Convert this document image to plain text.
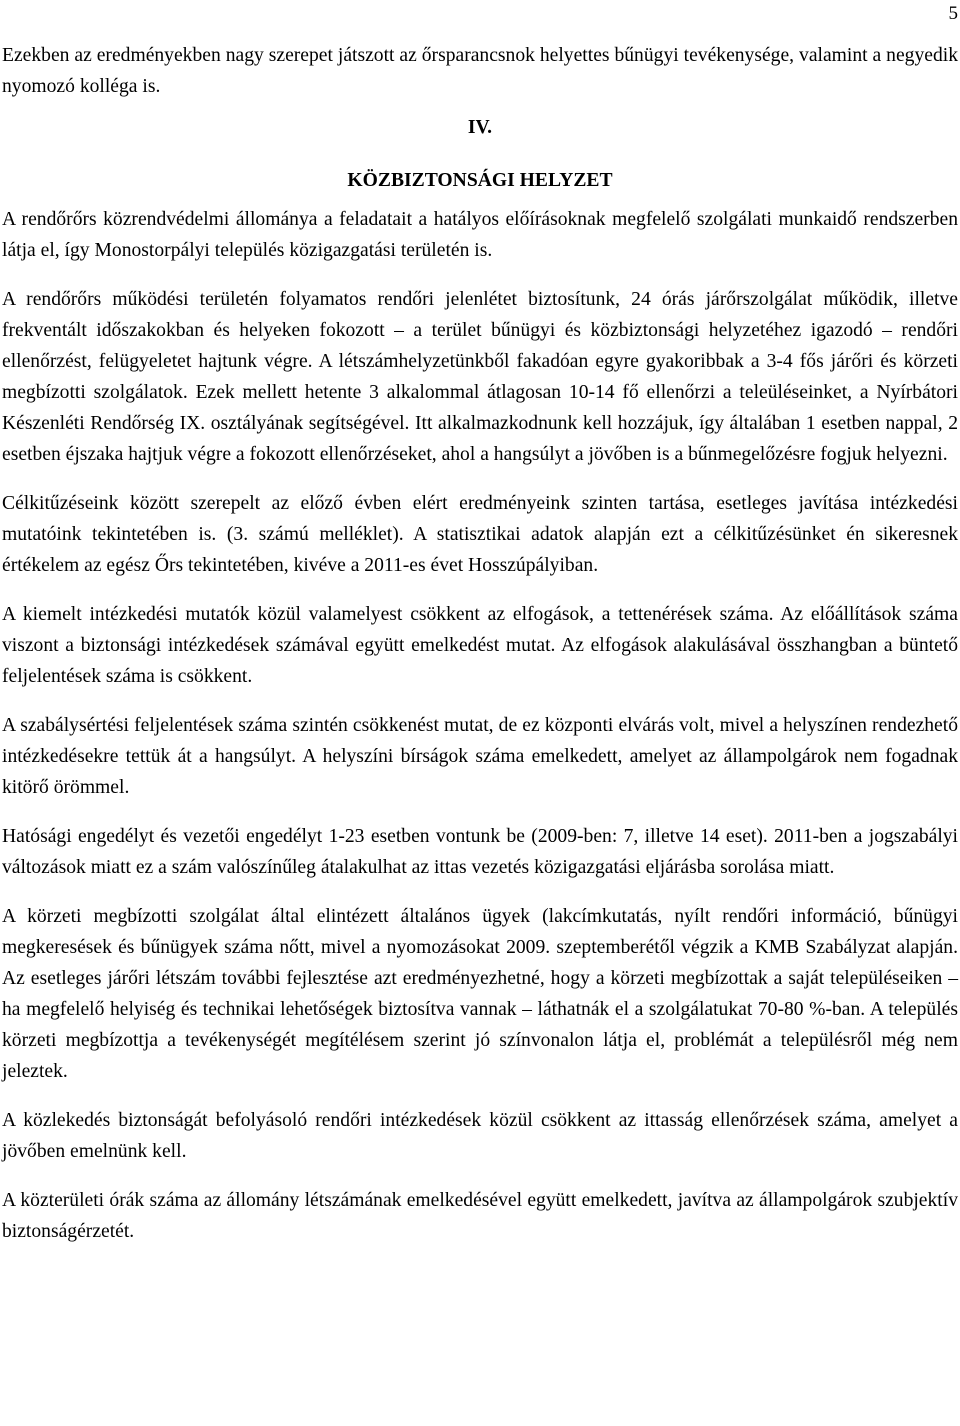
5

Ezekben az eredményekben nagy szerepet játszott az őrsparancsnok helyettes bűnügyi tevékenysége, valamint a negyedik nyomozó kolléga is.

IV.

KÖZBIZTONSÁGI HELYZET

A rendőrőrs közrendvédelmi állománya a feladatait a hatályos előírásoknak megfelelő szolgálati munkaidő rendszerben látja el, így Monostorpályi település közigazgatási területén is.

A rendőrőrs működési területén folyamatos rendőri jelenlétet biztosítunk, 24 órás járőrszolgálat működik, illetve frekventált időszakokban és helyeken fokozott – a terület bűnügyi és közbiztonsági helyzetéhez igazodó – rendőri ellenőrzést, felügyeletet hajtunk végre. A létszámhelyzetünkből fakadóan egyre gyakoribbak a 3-4 fős járőri és körzeti megbízotti szolgálatok. Ezek mellett hetente 3 alkalommal átlagosan 10-14 fő ellenőrzi a teleüléseinket, a Nyírbátori Készenléti Rendőrség IX. osztályának segítségével. Itt alkalmazkodnunk kell hozzájuk, így általában 1 esetben nappal, 2 esetben éjszaka hajtjuk végre a fokozott ellenőrzéseket, ahol a hangsúlyt a jövőben is a bűnmegelőzésre fogjuk helyezni.

Célkitűzéseink között szerepelt az előző évben elért eredményeink szinten tartása, esetleges javítása intézkedési mutatóink tekintetében is. (3. számú melléklet). A statisztikai adatok alapján ezt a célkitűzésünket én sikeresnek értékelem az egész Őrs tekintetében, kivéve a 2011-es évet Hosszúpályiban.

A kiemelt intézkedési mutatók közül valamelyest csökkent az elfogások, a tettenérések száma. Az előállítások száma viszont a biztonsági intézkedések számával együtt emelkedést mutat. Az elfogások alakulásával összhangban a büntető feljelentések száma is csökkent.

A szabálysértési feljelentések száma szintén csökkenést mutat, de ez központi elvárás volt, mivel a helyszínen rendezhető intézkedésekre tettük át a hangsúlyt. A helyszíni bírságok száma emelkedett, amelyet az állampolgárok nem fogadnak kitörő örömmel.

Hatósági engedélyt és vezetői engedélyt 1-23 esetben vontunk be (2009-ben: 7, illetve 14 eset). 2011-ben a jogszabályi változások miatt ez a szám valószínűleg átalakulhat az ittas vezetés közigazgatási eljárásba sorolása miatt.

A körzeti megbízotti szolgálat által elintézett általános ügyek (lakcímkutatás, nyílt rendőri információ, bűnügyi megkeresések és bűnügyek száma nőtt, mivel a nyomozásokat 2009. szeptemberétől végzik a KMB Szabályzat alapján. Az esetleges járőri létszám további fejlesztése azt eredményezhetné, hogy a körzeti megbízottak a saját településeiken – ha megfelelő helyiség és technikai lehetőségek biztosítva vannak – láthatnák el a szolgálatukat 70-80 %-ban. A település körzeti megbízottja a tevékenységét megítélésem szerint jó színvonalon látja el, problémát a településről még nem jeleztek.

A közlekedés biztonságát befolyásoló rendőri intézkedések közül csökkent az ittasság ellenőrzések száma, amelyet a jövőben emelnünk kell.

A közterületi órák száma az állomány létszámának emelkedésével együtt emelkedett, javítva az állampolgárok szubjektív biztonságérzetét.
